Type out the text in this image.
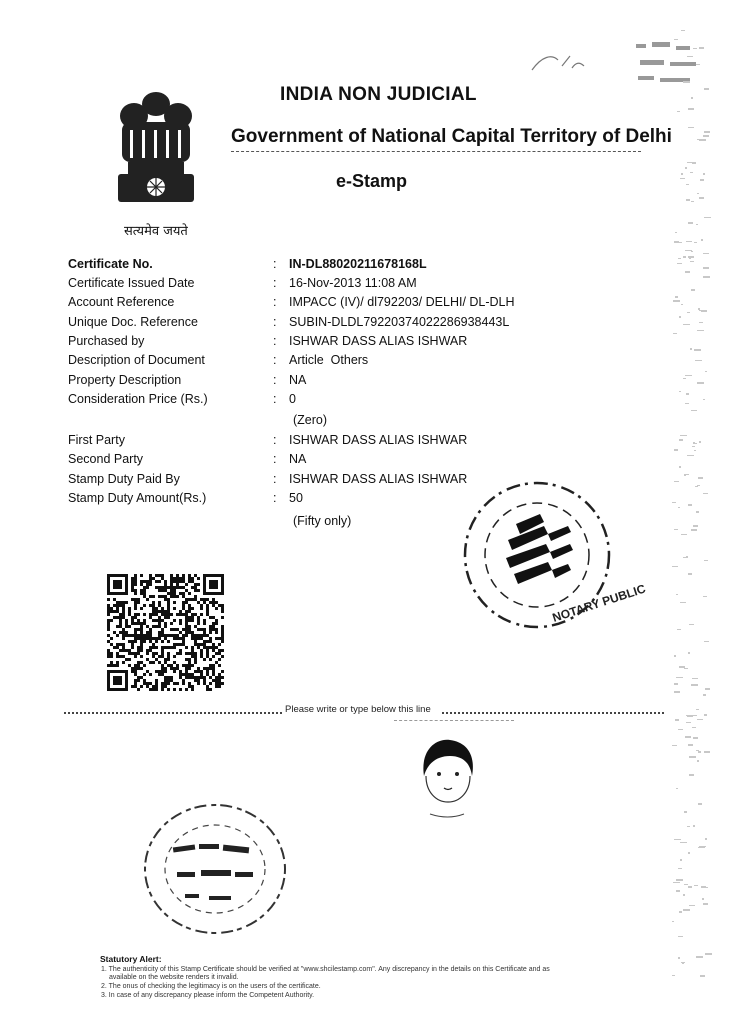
सत्यमेव जयते
INDIA NON JUDICIAL
Government of National Capital Territory of Delhi
e-Stamp
Certificate No.	: IN-DL88020211678168L
Certificate Issued Date	: 16-Nov-2013 11:08 AM
Account Reference	: IMPACC (IV)/ dl792203/ DELHI/ DL-DLH
Unique Doc. Reference	: SUBIN-DLDL79220374022286938443L
Purchased by	: ISHWAR DASS ALIAS ISHWAR
Description of Document	: Article  Others
Property Description	: NA
Consideration Price (Rs.)	: 0
(Zero)
First Party	: ISHWAR DASS ALIAS ISHWAR
Second Party	: NA
Stamp Duty Paid By	: ISHWAR DASS ALIAS ISHWAR
Stamp Duty Amount(Rs.)	: 50
(Fifty only)
NOTARY PUBLIC
Please write or type below this line
Statutory Alert:
1. The authenticity of this Stamp Certificate should be verified at "www.shcilestamp.com". Any discrepancy in the details on this Certificate and as
available on the website renders it invalid.
2. The onus of checking the legitimacy is on the users of the certificate.
3. In case of any discrepancy please inform the Competent Authority.
